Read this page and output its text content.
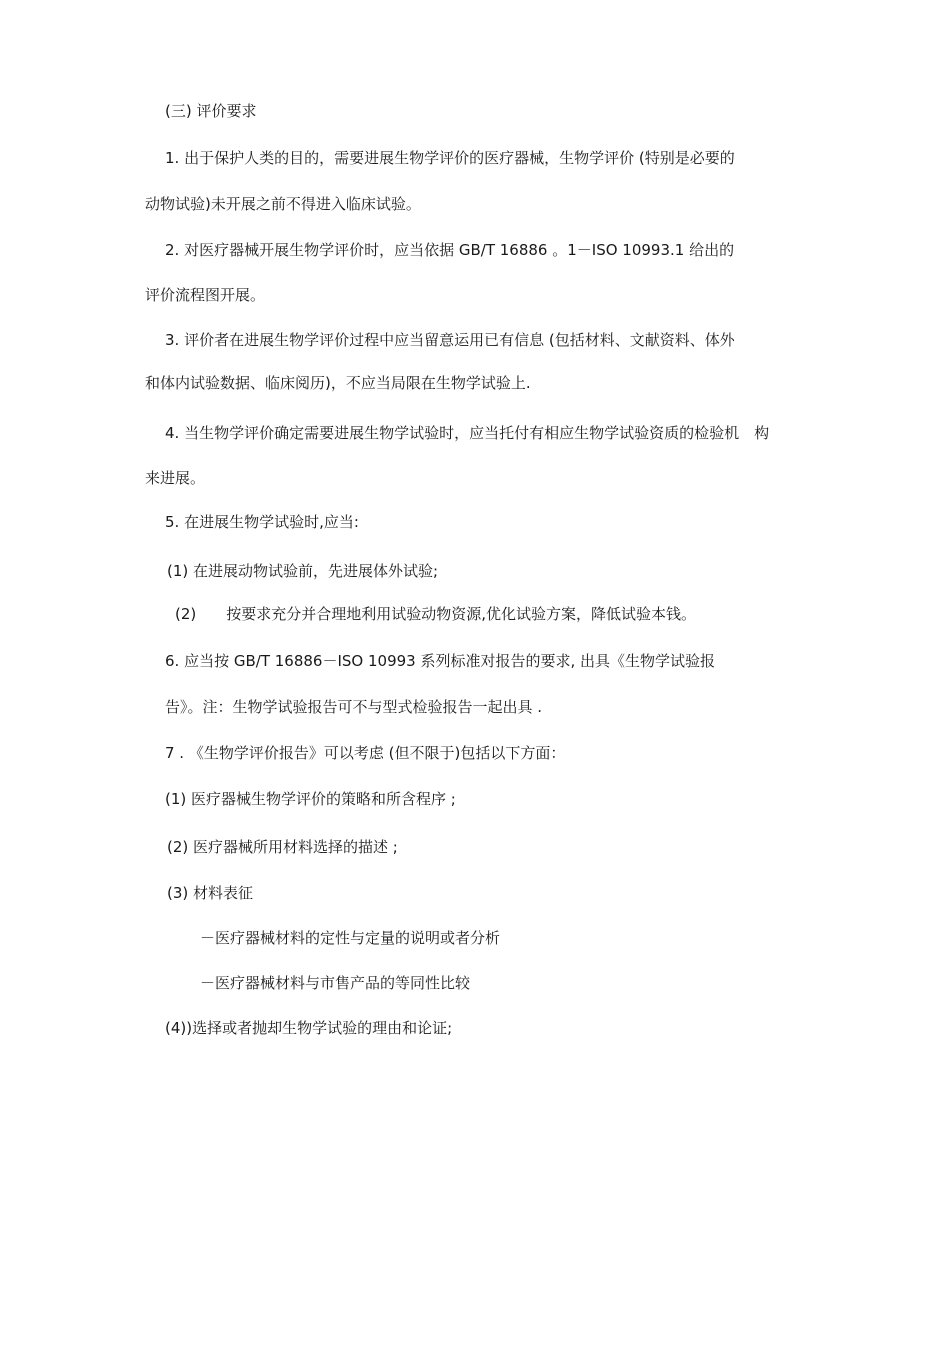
(三) 评价要求
1. 出于保护人类的目的，需要进展生物学评价的医疗器械，生物学评价 (特别是必要的
动物试验)未开展之前不得进入临床试验。
2. 对医疗器械开展生物学评价时，应当依据 GB/T 16886 。1－ISO 10993.1 给出的
评价流程图开展。
3. 评价者在进展生物学评价过程中应当留意运用已有信息 (包括材料、文献资料、体外
和体内试验数据、临床阅历)，不应当局限在生物学试验上.
4. 当生物学评价确定需要进展生物学试验时，应当托付有相应生物学试验资质的检验机　构
来进展。
5. 在进展生物学试验时,应当:
(1) 在进展动物试验前，先进展体外试验;
(2)　　按要求充分并合理地利用试验动物资源,优化试验方案，降低试验本钱。
6. 应当按 GB/T 16886－ISO 10993 系列标准对报告的要求, 出具《生物学试验报
告》。注：生物学试验报告可不与型式检验报告一起出具 .
7 . 《生物学评价报告》可以考虑 (但不限于)包括以下方面：
(1) 医疗器械生物学评价的策略和所含程序 ;
(2) 医疗器械所用材料选择的描述 ;
(3) 材料表征
－医疗器械材料的定性与定量的说明或者分析
－医疗器械材料与市售产品的等同性比较
(4))选择或者抛却生物学试验的理由和论证;
